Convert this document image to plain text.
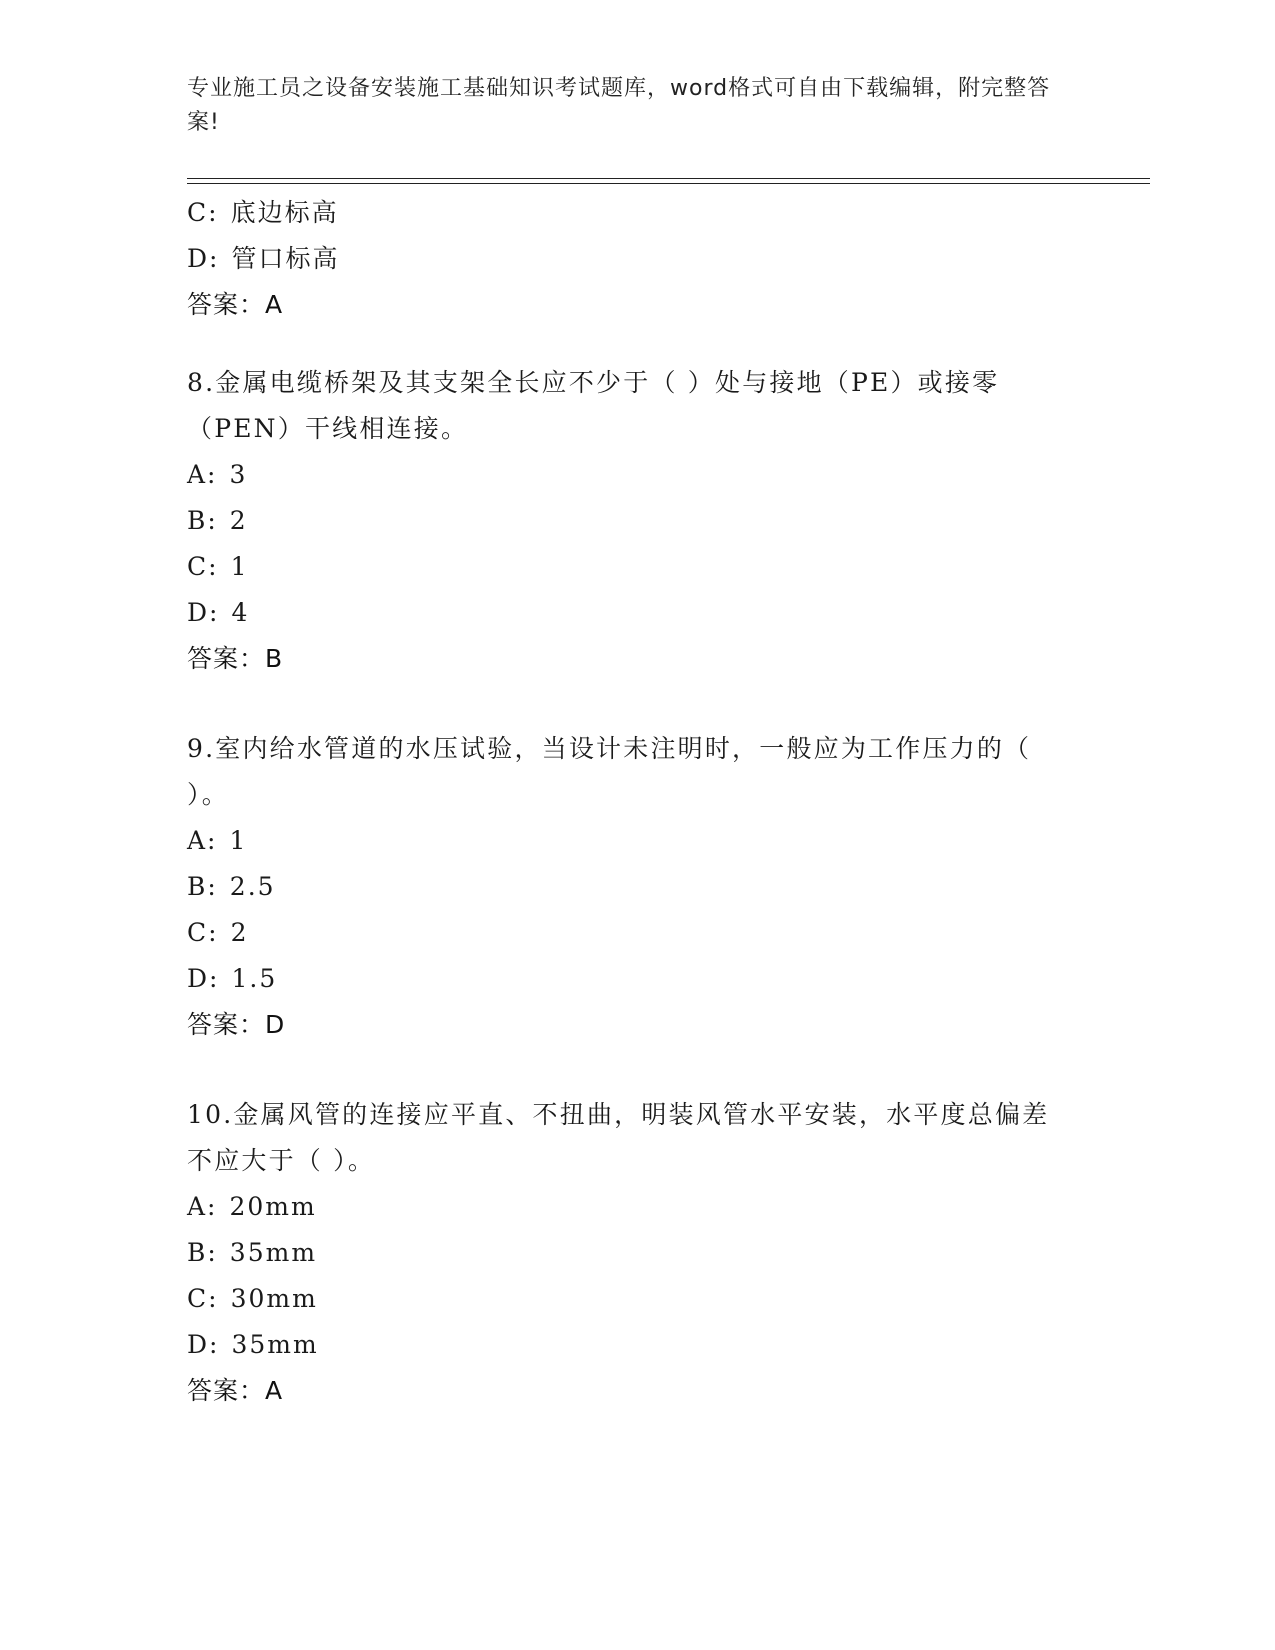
专业施工员之设备安装施工基础知识考试题库，word格式可自由下载编辑，附完整答案!
C: 底边标高
D: 管口标高
答案：A
8.金属电缆桥架及其支架全长应不少于（ ）处与接地（PE）或接零（PEN）干线相连接。
A: 3
B: 2
C: 1
D: 4
答案：B
9.室内给水管道的水压试验，当设计未注明时，一般应为工作压力的（ ）。
A: 1
B: 2.5
C: 2
D: 1.5
答案：D
10.金属风管的连接应平直、不扭曲，明装风管水平安装，水平度总偏差不应大于（ ）。
A: 20mm
B: 35mm
C: 30mm
D: 35mm
答案：A
